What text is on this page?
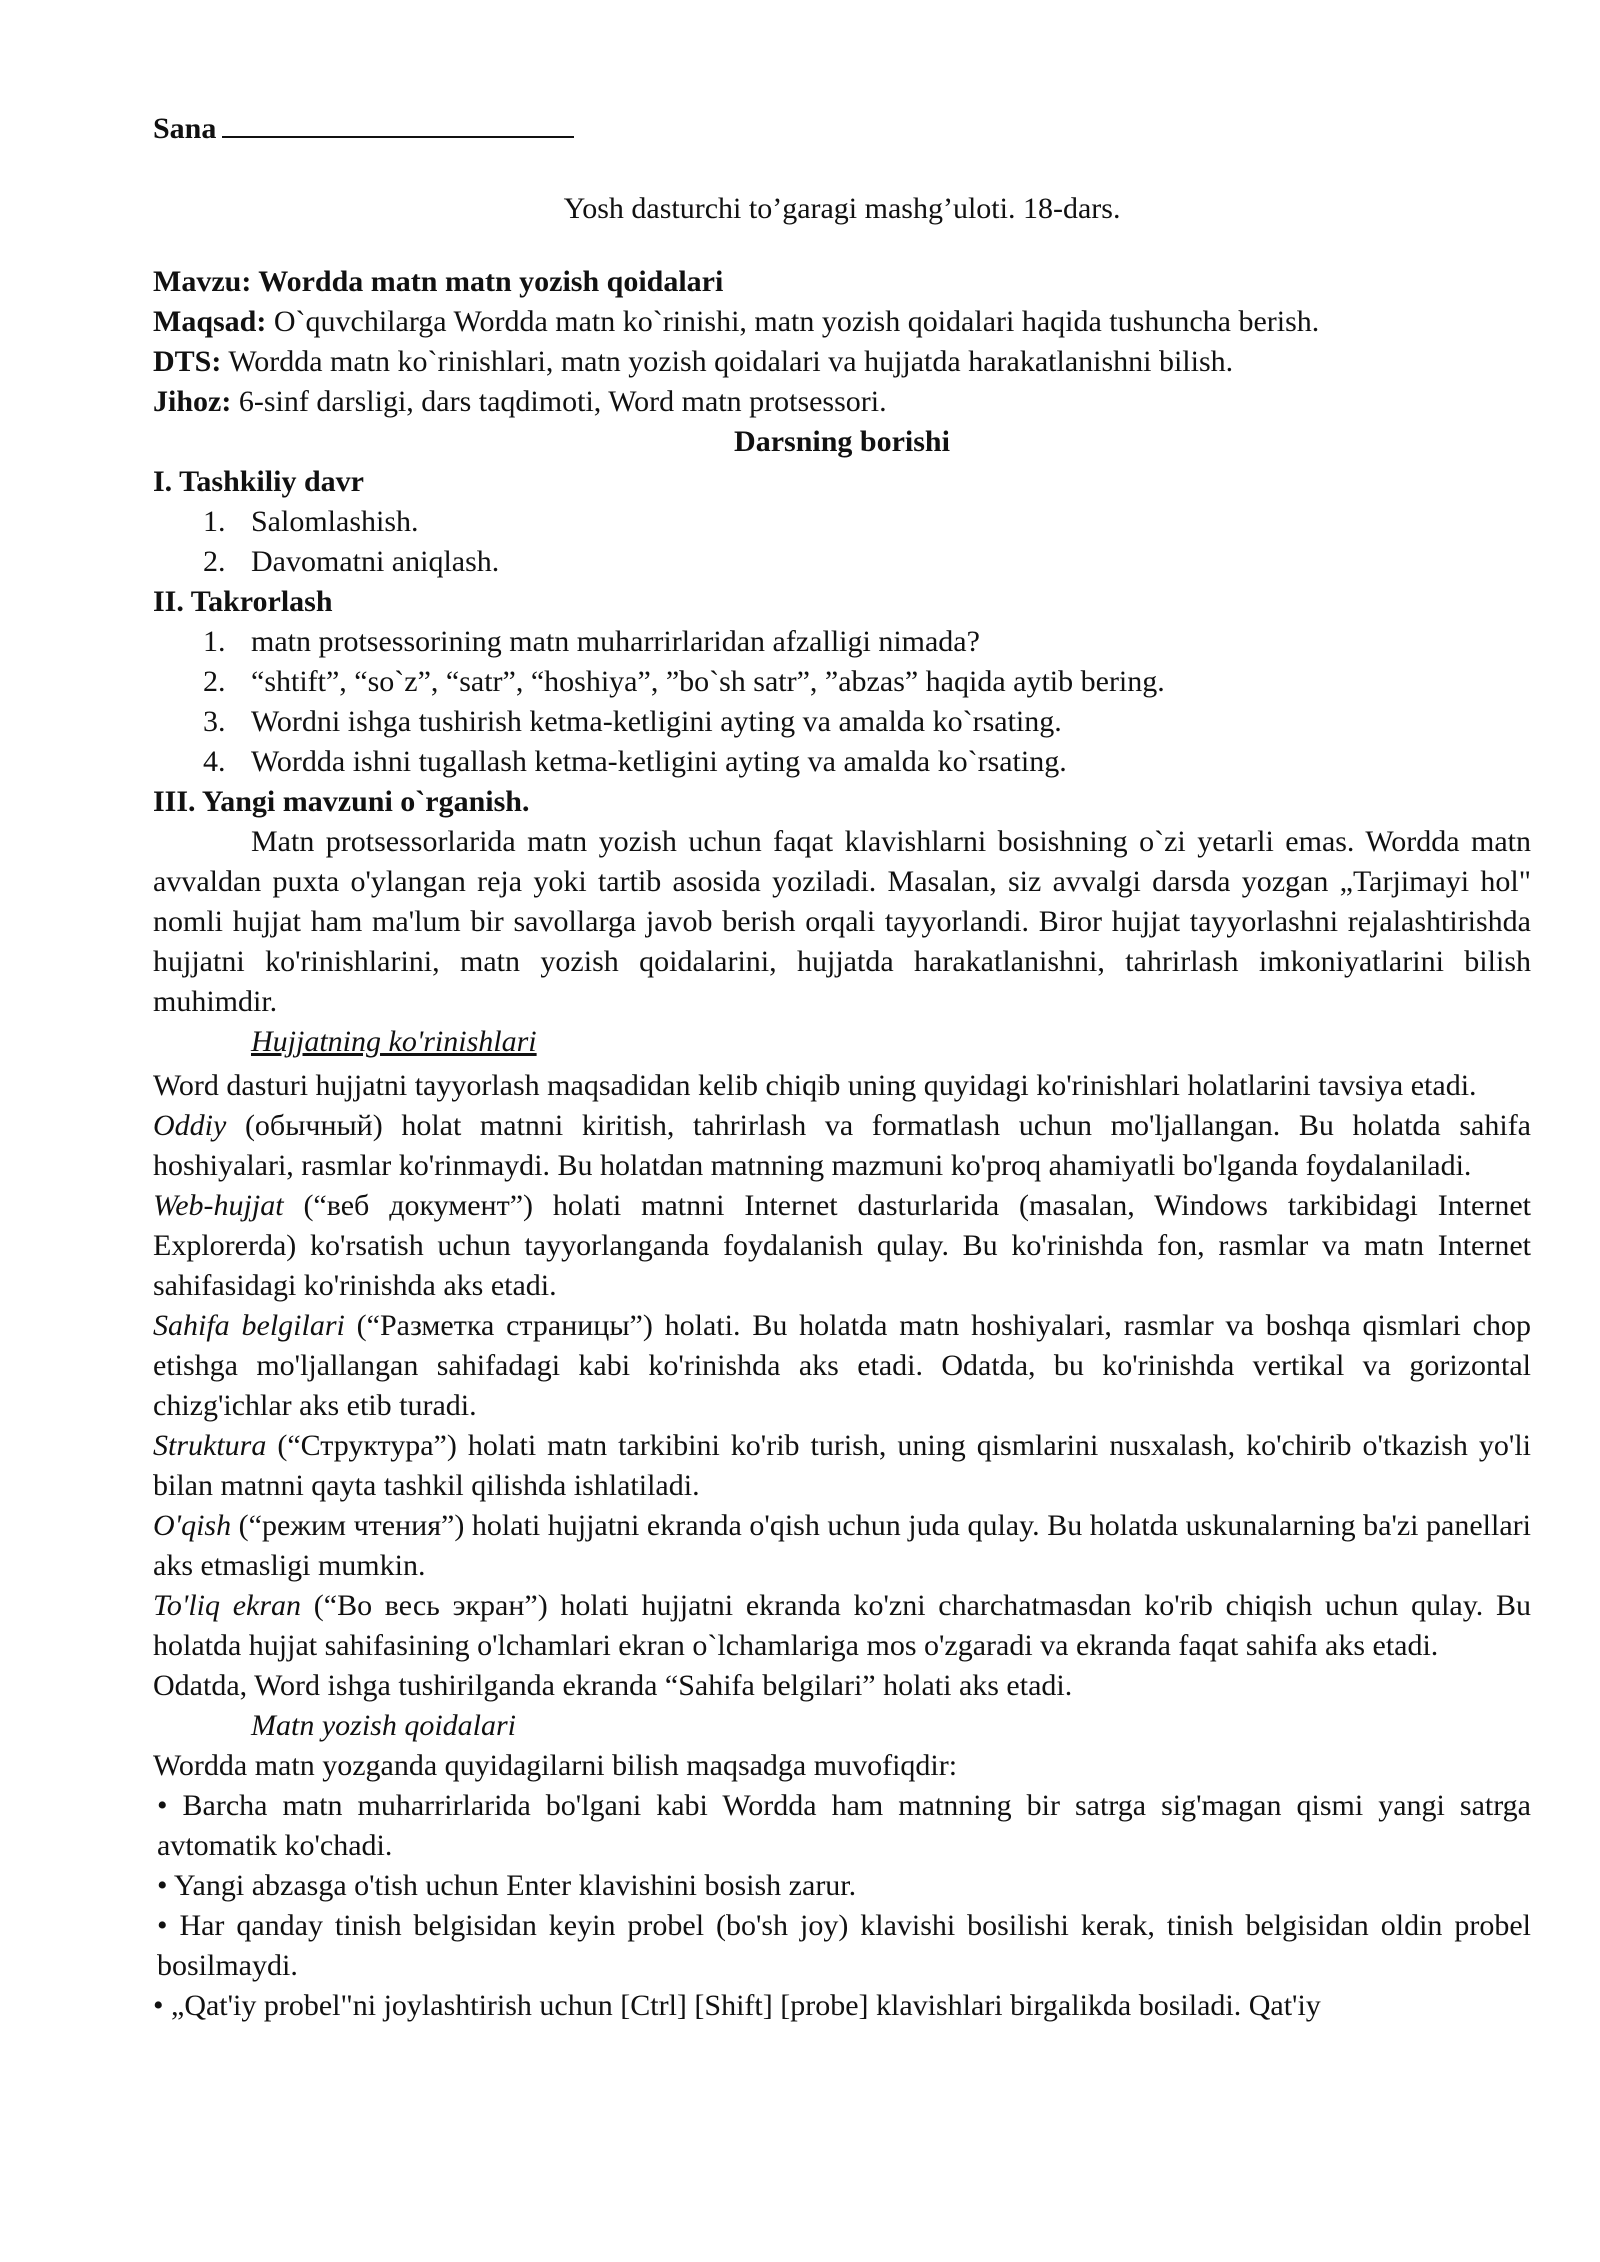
Sana
Yosh dasturchi to’garagi mashg’uloti. 18-dars.
Mavzu: Wordda matn matn yozish qoidalari
Maqsad: O`quvchilarga Wordda matn ko`rinishi, matn yozish qoidalari haqida tushuncha berish.
DTS: Wordda matn ko`rinishlari, matn yozish qoidalari va hujjatda harakatlanishni bilish.
Jihoz: 6-sinf darsligi, dars taqdimoti, Word matn protsessori.
Darsning borishi
I. Tashkiliy davr
1. Salomlashish.
2. Davomatni aniqlash.
II. Takrorlash
1. matn protsessorining matn muharrirlaridan afzalligi nimada?
2. “shtift”, “so`z”, “satr”, “hoshiya”, ”bo`sh satr”, ”abzas” haqida aytib bering.
3. Wordni ishga tushirish ketma-ketligini ayting va amalda ko`rsating.
4. Wordda ishni tugallash ketma-ketligini ayting va amalda ko`rsating.
III. Yangi mavzuni o`rganish.
Matn protsessorlarida matn yozish uchun faqat klavishlarni bosishning o`zi yetarli emas. Wordda matn avvaldan puxta o'ylangan reja yoki tartib asosida yoziladi. Masalan, siz avvalgi darsda yozgan „Tarjimayi hol" nomli hujjat ham ma'lum bir savollarga javob berish orqali tayyorlandi. Biror hujjat tayyorlashni rejalashtirishda hujjatni ko'rinishlarini, matn yozish qoidalarini, hujjatda harakatlanishni, tahrirlash imkoniyatlarini bilish muhimdir.
Hujjatning ko'rinishlari
Word dasturi hujjatni tayyorlash maqsadidan kelib chiqib uning quyidagi ko'rinishlari holatlarini tavsiya etadi.
Oddiy (обычный) holat matnni kiritish, tahrirlash va formatlash uchun mo'ljallangan. Bu holatda sahifa hoshiyalari, rasmlar ko'rinmaydi. Bu holatdan matnning mazmuni ko'proq ahamiyatli bo'lganda foydalaniladi.
Web-hujjat (“веб документ”) holati matnni Internet dasturlarida (masalan, Windows tarkibidagi Internet Explorerda) ko'rsatish uchun tayyorlanganda foydalanish qulay. Bu ko'rinishda fon, rasmlar va matn Internet sahifasidagi ko'rinishda aks etadi.
Sahifa belgilari (“Разметка страницы”) holati. Bu holatda matn hoshiyalari, rasmlar va boshqa qismlari chop etishga mo'ljallangan sahifadagi kabi ko'rinishda aks etadi. Odatda, bu ko'rinishda vertikal va gorizontal chizg'ichlar aks etib turadi.
Struktura (“Структура”) holati matn tarkibini ko'rib turish, uning qismlarini nusxalash, ko'chirib o'tkazish yo'li bilan matnni qayta tashkil qilishda ishlatiladi.
O'qish (“режим чтения”) holati hujjatni ekranda o'qish uchun juda qulay. Bu holatda uskunalarning ba'zi panellari aks etmasligi mumkin.
To'liq ekran (“Во весь экран”) holati hujjatni ekranda ko'zni charchatmasdan ko'rib chiqish uchun qulay. Bu holatda hujjat sahifasining o'lchamlari ekran o`lchamlariga mos o'zgaradi va ekranda faqat sahifa aks etadi.
Odatda, Word ishga tushirilganda ekranda “Sahifa belgilari” holati aks etadi.
Matn yozish qoidalari
Wordda matn yozganda quyidagilarni bilish maqsadga muvofiqdir:
• Barcha matn muharrirlarida bo'lgani kabi Wordda ham matnning bir satrga sig'magan qismi yangi satrga avtomatik ko'chadi.
• Yangi abzasga o'tish uchun Enter klavishini bosish zarur.
• Har qanday tinish belgisidan keyin probel (bo'sh joy) klavishi bosilishi kerak, tinish belgisidan oldin probel bosilmaydi.
• „Qat'iy probel"ni joylashtirish uchun [Ctrl] [Shift] [probe] klavishlari birgalikda bosiladi. Qat'iy
